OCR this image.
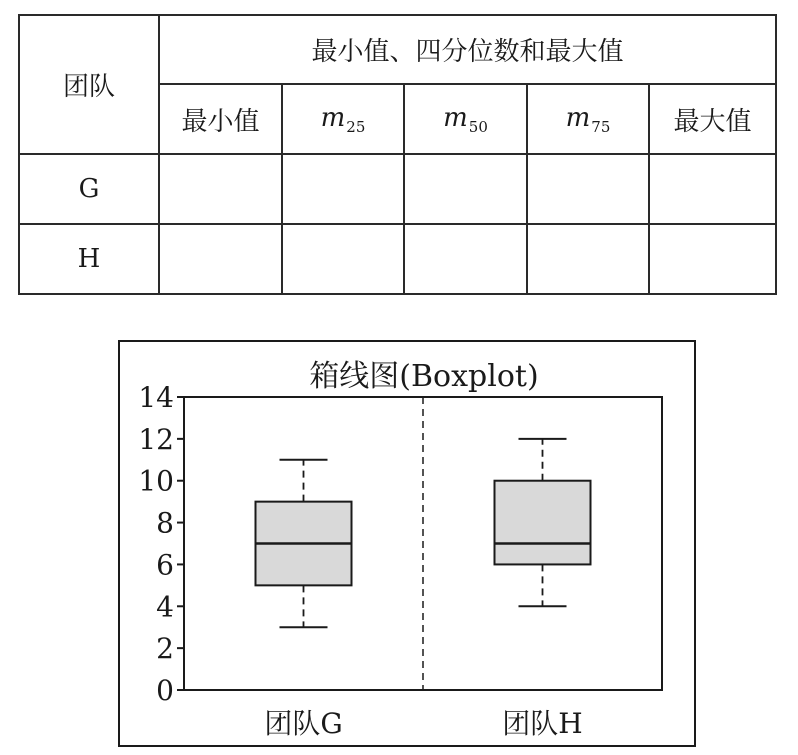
团队	最小值、四分位数和最大值				
	最小值	$m_{25}$	$m_{50}$	$m_{75}$	最大值
G					
H					
箱线图(Boxplot)
0
2
4
6
8
10
12
14
团队G	团队H
